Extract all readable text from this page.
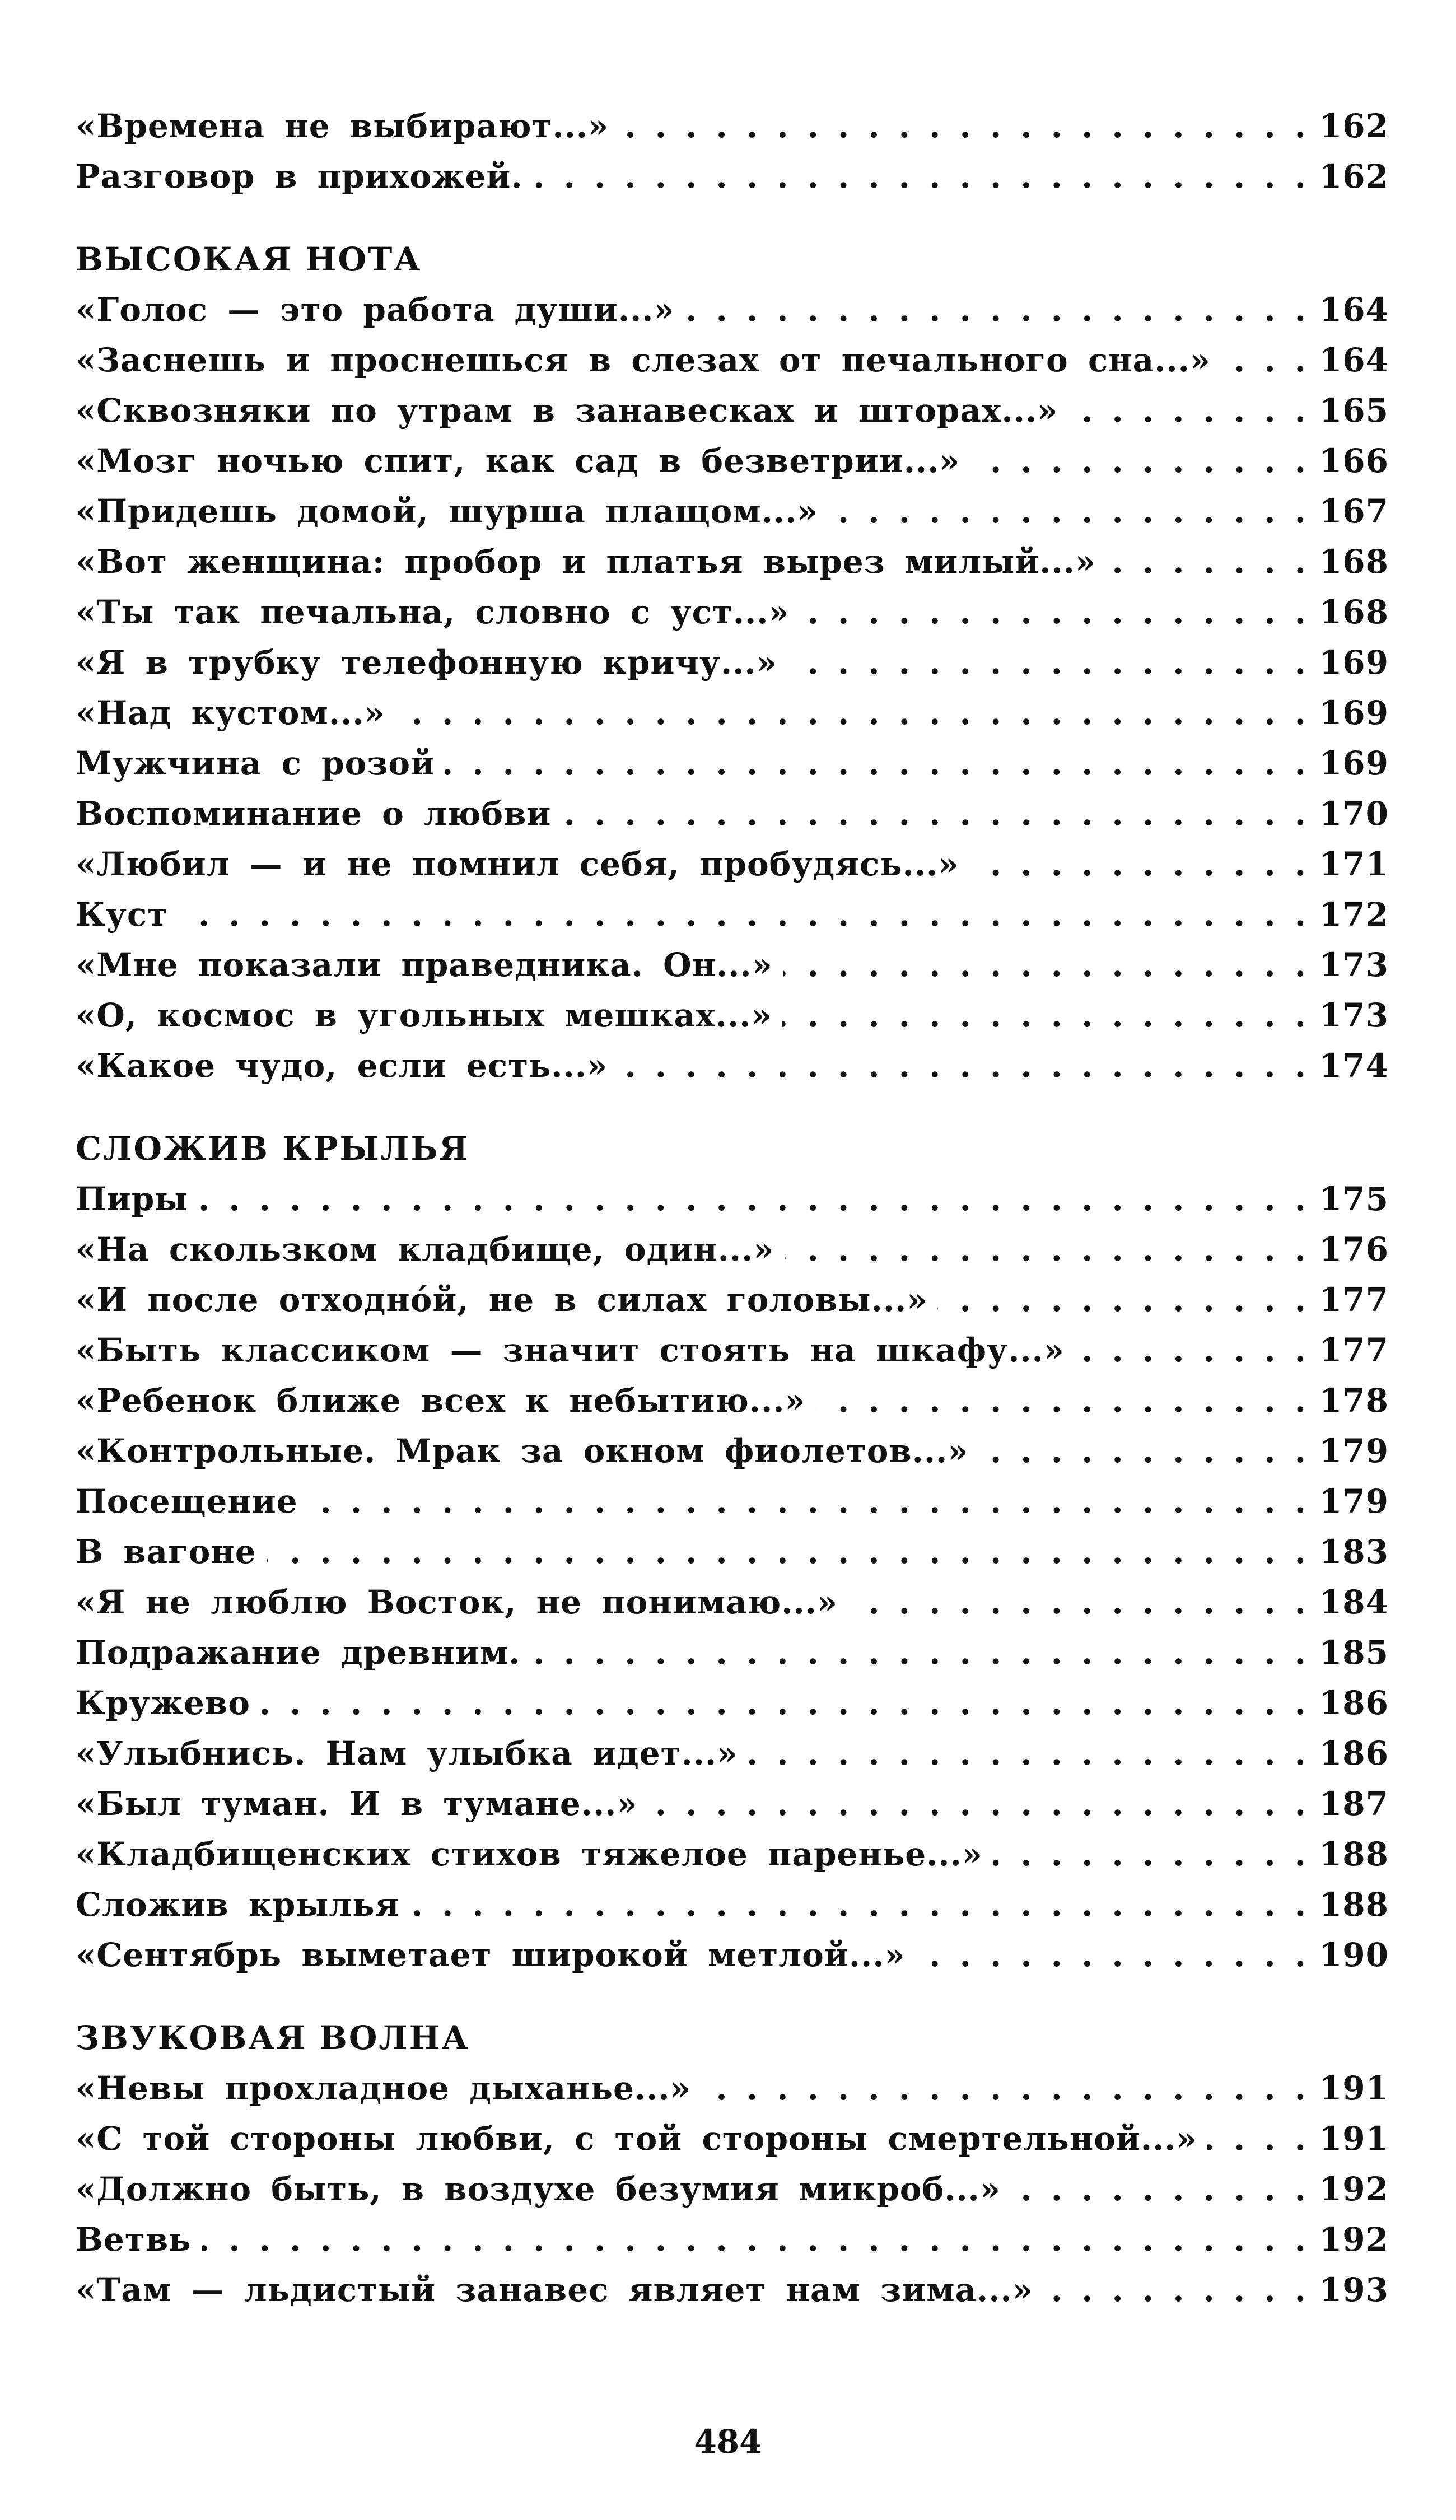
«Времена не выбирают...» . . .	162
Разговор в прихожей. . . .	162
ВЫСОКАЯ НОТА
«Голос — это работа души...» . . .	164
«Заснешь и проснешься в слезах от печального сна...» . . .	164
«Сквозняки по утрам в занавесках и шторах...» . . .	165
«Мозг ночью спит, как сад в безветрии...» . . .	166
«Придешь домой, шурша плащом...» . . .	167
«Вот женщина: пробор и платья вырез милый...» . . .	168
«Ты так печальна, словно с уст...» . . .	168
«Я в трубку телефонную кричу...» . . .	169
«Над кустом...» . . .	169
Мужчина с розой . . .	169
Воспоминание о любви . . .	170
«Любил — и не помнил себя, пробудясь...» . . .	171
Куст . . .	172
«Мне показали праведника. Он...» . . .	173
«О, космос в угольных мешках...» . . .	173
«Какое чудо, если есть...» . . .	174
СЛОЖИВ КРЫЛЬЯ
Пиры . . .	175
«На скользком кладбище, один...» . . .	176
«И после отходно́й, не в силах головы...» . . .	177
«Быть классиком — значит стоять на шкафу...» . . .	177
«Ребенок ближе всех к небытию...» . . .	178
«Контрольные. Мрак за окном фиолетов...» . . .	179
Посещение . . .	179
В вагоне . . .	183
«Я не люблю Восток, не понимаю...» . . .	184
Подражание древним. . . .	185
Кружево . . .	186
«Улыбнись. Нам улыбка идет...» . . .	186
«Был туман. И в тумане...» . . .	187
«Кладбищенских стихов тяжелое паренье...» . . .	188
Сложив крылья . . .	188
«Сентябрь выметает широкой метлой...» . . .	190
ЗВУКОВАЯ ВОЛНА
«Невы прохладное дыханье...» . . .	191
«С той стороны любви, с той стороны смертельной...» . . .	191
«Должно быть, в воздухе безумия микроб...» . . .	192
Ветвь . . .	192
«Там — льдистый занавес являет нам зима...» . . .	193
484
